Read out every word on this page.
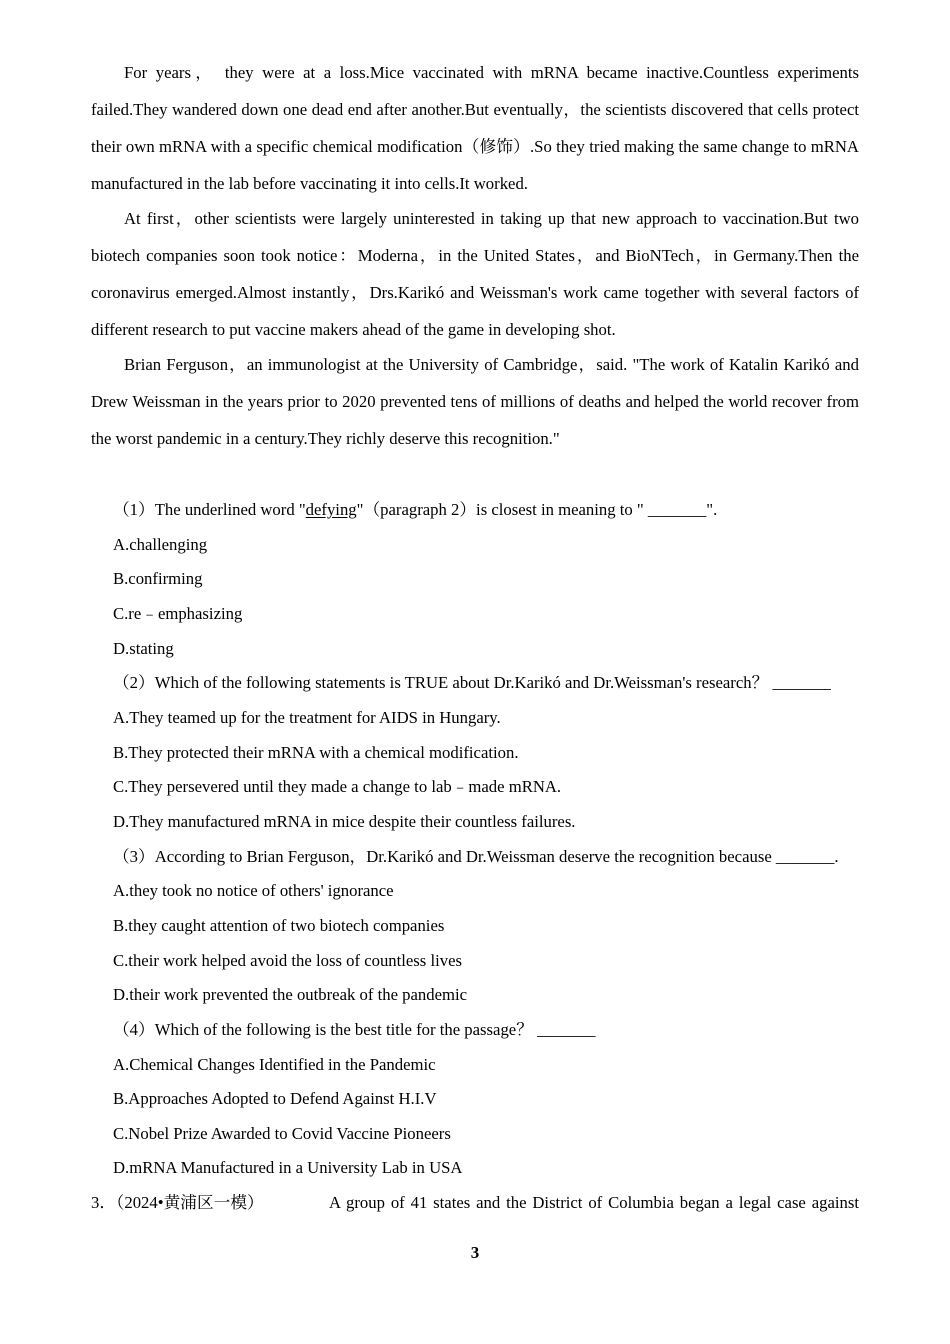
For years， they were at a loss.Mice vaccinated with mRNA became inactive.Countless experiments
failed.They wandered down one dead end after another.But eventually，the scientists discovered that cells protect
their own mRNA with a specific chemical modification（修饰）.So they tried making the same change to mRNA
manufactured in the lab before vaccinating it into cells.It worked.
At first，other scientists were largely uninterested in taking up that new approach to vaccination.But two
biotech companies soon took notice：Moderna，in the United States，and BioNTech，in Germany.Then the
coronavirus emerged.Almost instantly，Drs.Karikó and Weissman's work came together with several factors of
different research to put vaccine makers ahead of the game in developing shot.
Brian Ferguson，an immunologist at the University of Cambridge，said. "The work of Katalin Karikó and
Drew Weissman in the years prior to 2020 prevented tens of millions of deaths and helped the world recover from
the worst pandemic in a century.They richly deserve this recognition."
（1）The underlined word "defying"（paragraph 2）is closest in meaning to " _______".
A.challenging
B.confirming
C.re﹣emphasizing
D.stating
（2）Which of the following statements is TRUE about Dr.Karikó and Dr.Weissman's research？ _______
A.They teamed up for the treatment for AIDS in Hungary.
B.They protected their mRNA with a chemical modification.
C.They persevered until they made a change to lab﹣made mRNA.
D.They manufactured mRNA in mice despite their countless failures.
（3）According to Brian Ferguson，Dr.Karikó and Dr.Weissman deserve the recognition because _______.
A.they took no notice of others' ignorance
B.they caught attention of two biotech companies
C.their work helped avoid the loss of countless lives
D.their work prevented the outbreak of the pandemic
（4）Which of the following is the best title for the passage？ _______
A.Chemical Changes Identified in the Pandemic
B.Approaches Adopted to Defend Against H.I.V
C.Nobel Prize Awarded to Covid Vaccine Pioneers
D.mRNA Manufactured in a University Lab in USA
3．（2024•黄浦区一模）	A group of 41 states and the District of Columbia began a legal case against
3
